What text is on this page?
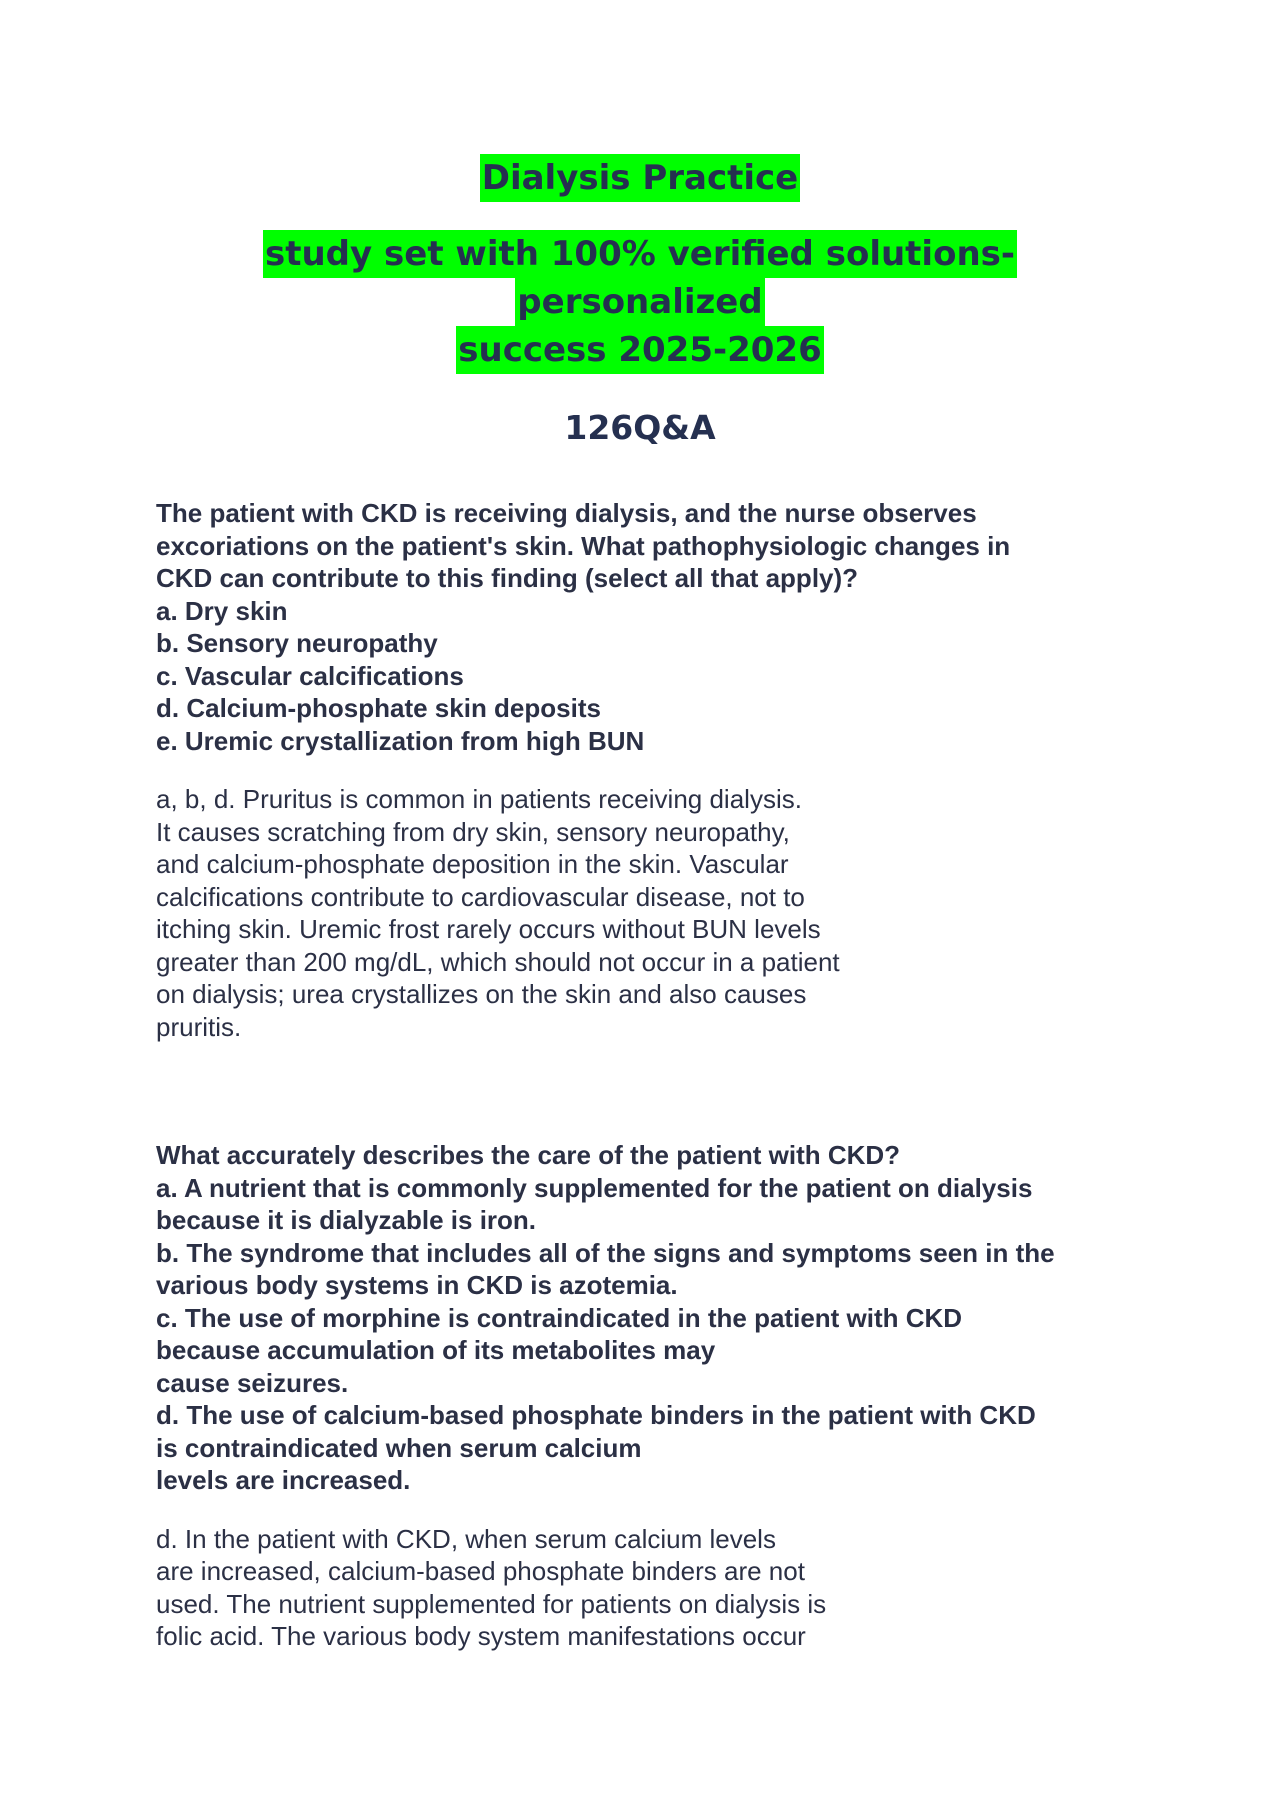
Dialysis Practice

study set with 100% verified solutions-personalized
success 2025-2026

126Q&A

The patient with CKD is receiving dialysis, and the nurse observes
excoriations on the patient's skin. What pathophysiologic changes in
CKD can contribute to this finding (select all that apply)?
a. Dry skin
b. Sensory neuropathy
c. Vascular calcifications
d. Calcium-phosphate skin deposits
e. Uremic crystallization from high BUN
a, b, d. Pruritus is common in patients receiving dialysis.
It causes scratching from dry skin, sensory neuropathy,
and calcium-phosphate deposition in the skin. Vascular
calcifications contribute to cardiovascular disease, not to
itching skin. Uremic frost rarely occurs without BUN levels
greater than 200 mg/dL, which should not occur in a patient
on dialysis; urea crystallizes on the skin and also causes
pruritis.
What accurately describes the care of the patient with CKD?
a. A nutrient that is commonly supplemented for the patient on dialysis
because it is dialyzable is iron.
b. The syndrome that includes all of the signs and symptoms seen in the
various body systems in CKD is azotemia.
c. The use of morphine is contraindicated in the patient with CKD
because accumulation of its metabolites may
cause seizures.
d. The use of calcium-based phosphate binders in the patient with CKD
is contraindicated when serum calcium
levels are increased.
d. In the patient with CKD, when serum calcium levels
are increased, calcium-based phosphate binders are not
used. The nutrient supplemented for patients on dialysis is
folic acid. The various body system manifestations occur
